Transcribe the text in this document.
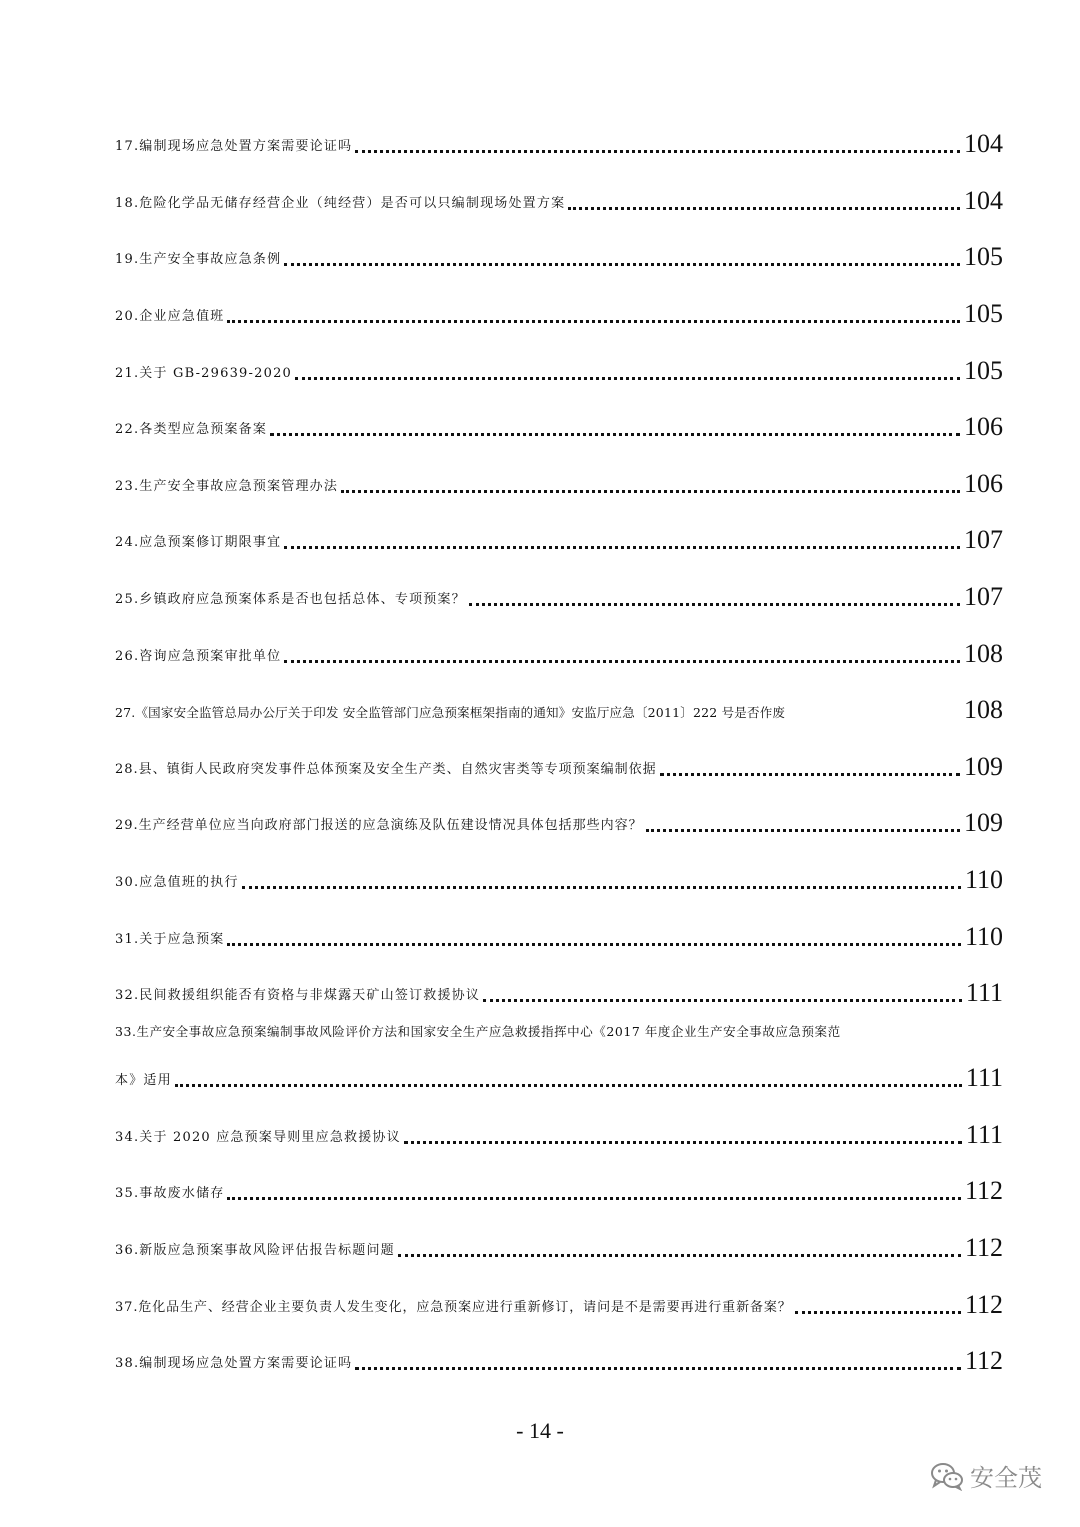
17.编制现场应急处置方案需要论证吗	104
18.危险化学品无储存经营企业（纯经营）是否可以只编制现场处置方案	104
19.生产安全事故应急条例	105
20.企业应急值班	105
21.关于 GB-29639-2020	105
22.各类型应急预案备案	106
23.生产安全事故应急预案管理办法	106
24.应急预案修订期限事宜	107
25.乡镇政府应急预案体系是否也包括总体、专项预案？	107
26.咨询应急预案审批单位	108
27.《国家安全监管总局办公厅关于印发 安全监管部门应急预案框架指南的通知》安监厅应急〔2011〕222 号是否作废	108
28.县、镇街人民政府突发事件总体预案及安全生产类、自然灾害类等专项预案编制依据	109
29.生产经营单位应当向政府部门报送的应急演练及队伍建设情况具体包括那些内容？	109
30.应急值班的执行	110
31.关于应急预案	110
32.民间救援组织能否有资格与非煤露天矿山签订救援协议	111
33.生产安全事故应急预案编制事故风险评价方法和国家安全生产应急救援指挥中心《2017 年度企业生产安全事故应急预案范
本》适用	111
34.关于 2020 应急预案导则里应急救援协议	111
35.事故废水储存	112
36.新版应急预案事故风险评估报告标题问题	112
37.危化品生产、经营企业主要负责人发生变化，应急预案应进行重新修订，请问是不是需要再进行重新备案？	112
38.编制现场应急处置方案需要论证吗	112
- 14 -
安全茂
